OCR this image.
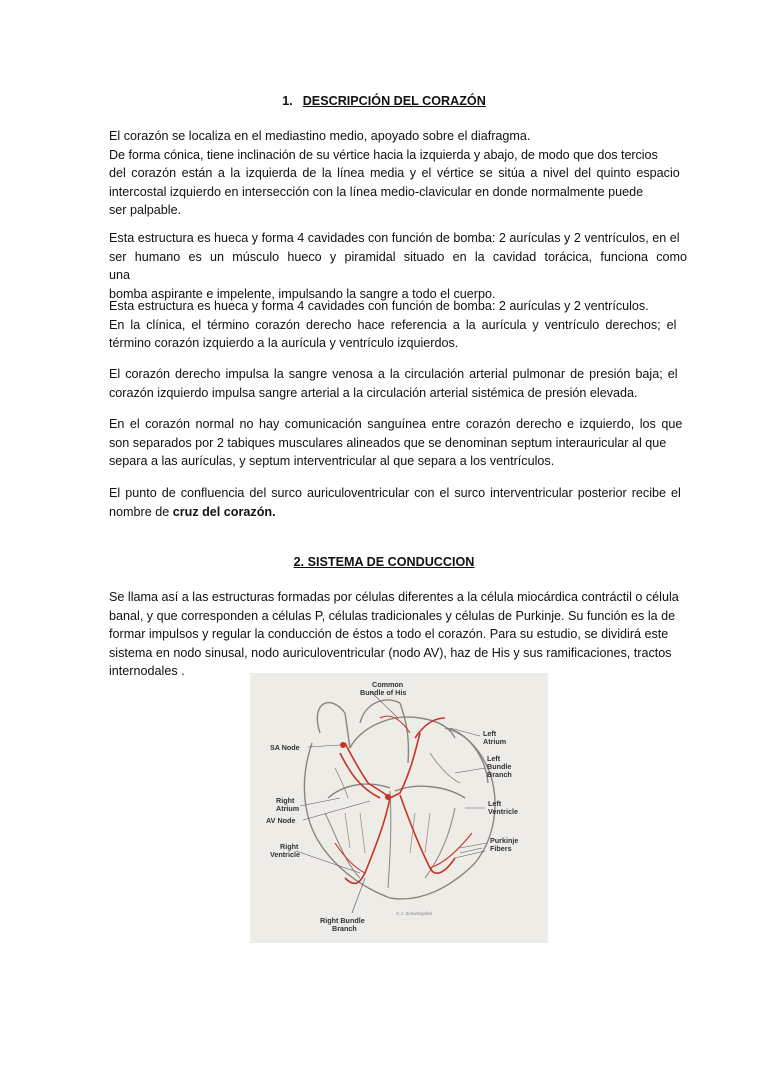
1. DESCRIPCIÓN DEL CORAZÓN
El corazón se localiza en el mediastino medio, apoyado sobre el diafragma.
De forma cónica, tiene inclinación de su vértice hacia la izquierda y abajo, de modo que dos tercios
del corazón están a la izquierda de la línea media y el vértice se sitúa a nivel del quinto espacio
intercostal izquierdo en intersección con la línea medio-clavicular en donde normalmente puede
ser palpable.
Esta estructura es hueca y forma 4 cavidades con función de bomba: 2 aurículas y 2 ventrículos, en el
ser humano es un músculo hueco y piramidal situado en la cavidad torácica, funciona como una
bomba aspirante e impelente, impulsando la sangre a todo el cuerpo.
Esta estructura es hueca y forma 4 cavidades con función de bomba: 2 aurículas y 2 ventrículos.
En la clínica, el término corazón derecho hace referencia a la aurícula y ventrículo derechos; el
término corazón izquierdo a la aurícula y ventrículo izquierdos.
El corazón derecho impulsa la sangre venosa a la circulación arterial pulmonar de presión baja; el
corazón izquierdo impulsa sangre arterial a la circulación arterial sistémica de presión elevada.
En el corazón normal no hay comunicación sanguínea entre corazón derecho e izquierdo, los que
son separados por 2 tabiques musculares alineados que se denominan septum interauricular al que
separa a las aurículas, y septum interventricular al que separa a los ventrículos.
El punto de confluencia del surco auriculoventricular con el surco interventricular posterior recibe el
nombre de cruz del corazón.
2. SISTEMA DE CONDUCCION
Se llama así a las estructuras formadas por células diferentes a la célula miocárdica contráctil o célula
banal, y que corresponden a células P, células tradicionales y células de Purkinje. Su función es la de
formar impulsos y regular la conducción de éstos a todo el corazón. Para su estudio, se dividirá este
sistema en nodo sinusal, nodo auriculoventricular (nodo AV), haz de His y sus ramificaciones, tractos
internodales .
Common
Bundle of His
SA Node
Left
Atrium
Left
Bundle
Branch
Right
Atrium
AV Node
Left
Ventricle
Right
Ventricle
Purkinje
Fibers
Right Bundle
Branch
G.J. Schwitzgebel
